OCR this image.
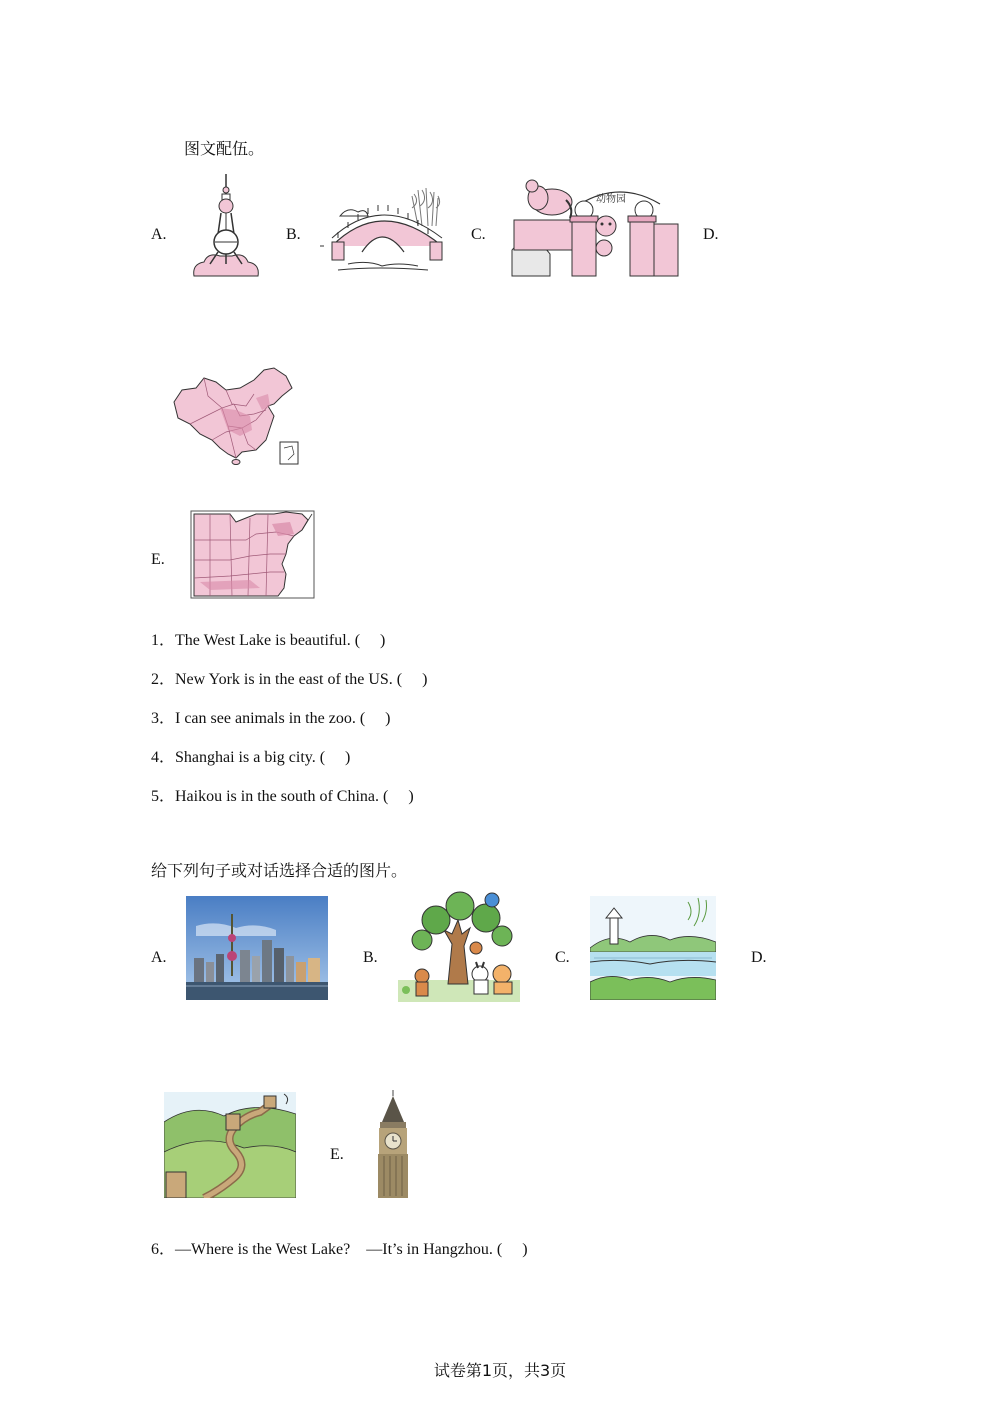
图文配伍。
A.	B.	C.
动物园
D.
E.
1．The West Lake is beautiful. (     )
2．New York is in the east of the US. (     )
3．I can see animals in the zoo. (     )
4．Shanghai is a big city. (     )
5．Haikou is in the south of China. (     )
给下列句子或对话选择合适的图片。
A.	B.	C.	D.
E.
6．—Where is the West Lake?    —It’s in Hangzhou. (     )
试卷第1页，共3页
